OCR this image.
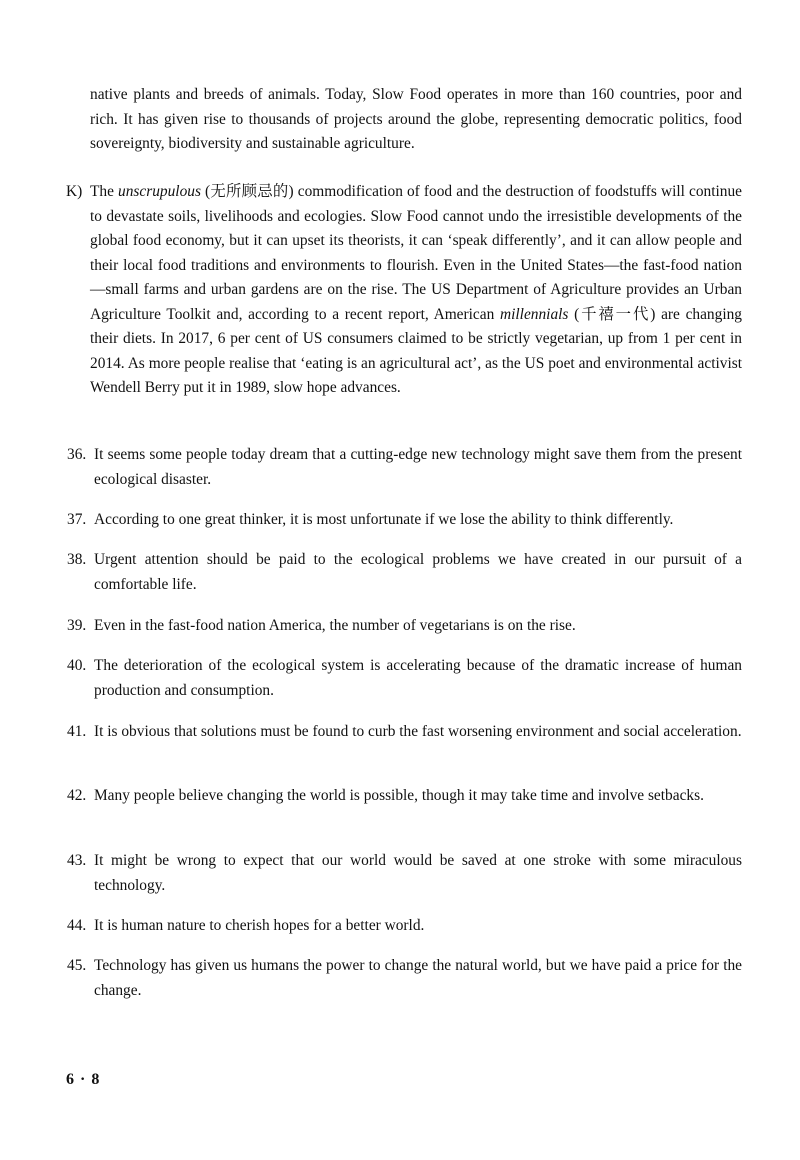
native plants and breeds of animals. Today, Slow Food operates in more than 160 countries, poor and rich. It has given rise to thousands of projects around the globe, representing democratic politics, food sovereignty, biodiversity and sustainable agriculture.

K) The unscrupulous (无所顾忌的) commodification of food and the destruction of foodstuffs will continue to devastate soils, livelihoods and ecologies. Slow Food cannot undo the irresistible developments of the global food economy, but it can upset its theorists, it can ‘speak differently’, and it can allow people and their local food traditions and environments to flourish. Even in the United States—the fast-food nation—small farms and urban gardens are on the rise. The US Department of Agriculture provides an Urban Agriculture Toolkit and, according to a recent report, American millennials (千禧一代) are changing their diets. In 2017, 6 per cent of US consumers claimed to be strictly vegetarian, up from 1 per cent in 2014. As more people realise that ‘eating is an agricultural act’, as the US poet and environmental activist Wendell Berry put it in 1989, slow hope advances.
36. It seems some people today dream that a cutting-edge new technology might save them from the present ecological disaster.
37. According to one great thinker, it is most unfortunate if we lose the ability to think differently.
38. Urgent attention should be paid to the ecological problems we have created in our pursuit of a comfortable life.
39. Even in the fast-food nation America, the number of vegetarians is on the rise.
40. The deterioration of the ecological system is accelerating because of the dramatic increase of human production and consumption.
41. It is obvious that solutions must be found to curb the fast worsening environment and social acceleration.
42. Many people believe changing the world is possible, though it may take time and involve setbacks.
43. It might be wrong to expect that our world would be saved at one stroke with some miraculous technology.
44. It is human nature to cherish hopes for a better world.
45. Technology has given us humans the power to change the natural world, but we have paid a price for the change.
6 · 8
